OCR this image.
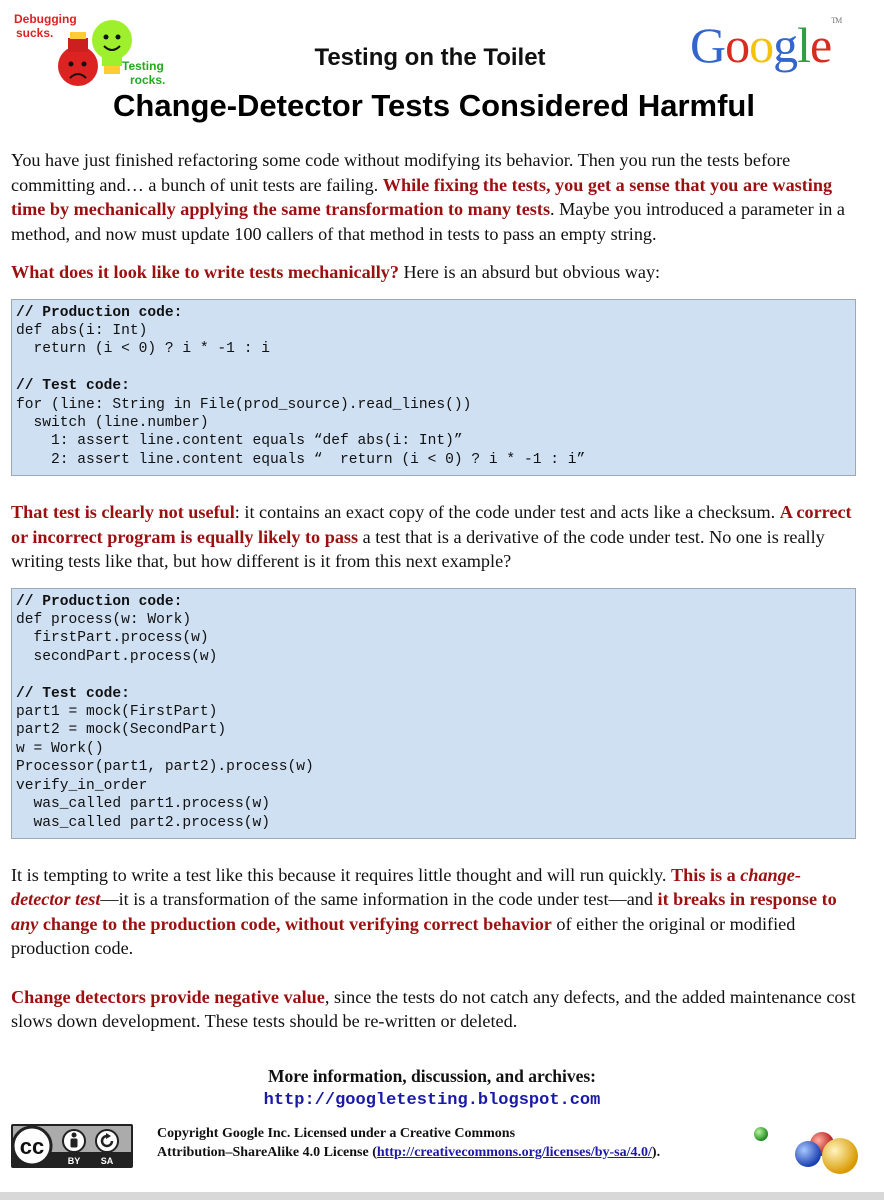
Debugging
sucks.
Testing
rocks.
Testing on the Toilet
Change-Detector Tests Considered Harmful
Google™

You have just finished refactoring some code without modifying its behavior. Then you run the tests before committing and… a bunch of unit tests are failing. While fixing the tests, you get a sense that you are wasting time by mechanically applying the same transformation to many tests. Maybe you introduced a parameter in a method, and now must update 100 callers of that method in tests to pass an empty string.

What does it look like to write tests mechanically? Here is an absurd but obvious way:

// Production code:
def abs(i: Int)
return (i < 0) ? i * -1 : i
// Test code:
for (line: String in File(prod_source).read_lines())
switch (line.number)
1: assert line.content equals “def abs(i: Int)”
2: assert line.content equals “  return (i < 0) ? i * -1 : i”

That test is clearly not useful: it contains an exact copy of the code under test and acts like a checksum. A correct or incorrect program is equally likely to pass a test that is a derivative of the code under test. No one is really writing tests like that, but how different is it from this next example?

// Production code:
def process(w: Work)
firstPart.process(w)
secondPart.process(w)
// Test code:
part1 = mock(FirstPart)
part2 = mock(SecondPart)
w = Work()
Processor(part1, part2).process(w)
verify_in_order
was_called part1.process(w)
was_called part2.process(w)

It is tempting to write a test like this because it requires little thought and will run quickly. This is a change-detector test—it is a transformation of the same information in the code under test—and it breaks in response to any change to the production code, without verifying correct behavior of either the original or modified production code.

Change detectors provide negative value, since the tests do not catch any defects, and the added maintenance cost slows down development. These tests should be re-written or deleted.

More information, discussion, and archives:
http://googletesting.blogspot.com
cc
BY SA
Copyright Google Inc. Licensed under a Creative Commons
Attribution–ShareAlike 4.0 License (http://creativecommons.org/licenses/by-sa/4.0/).
